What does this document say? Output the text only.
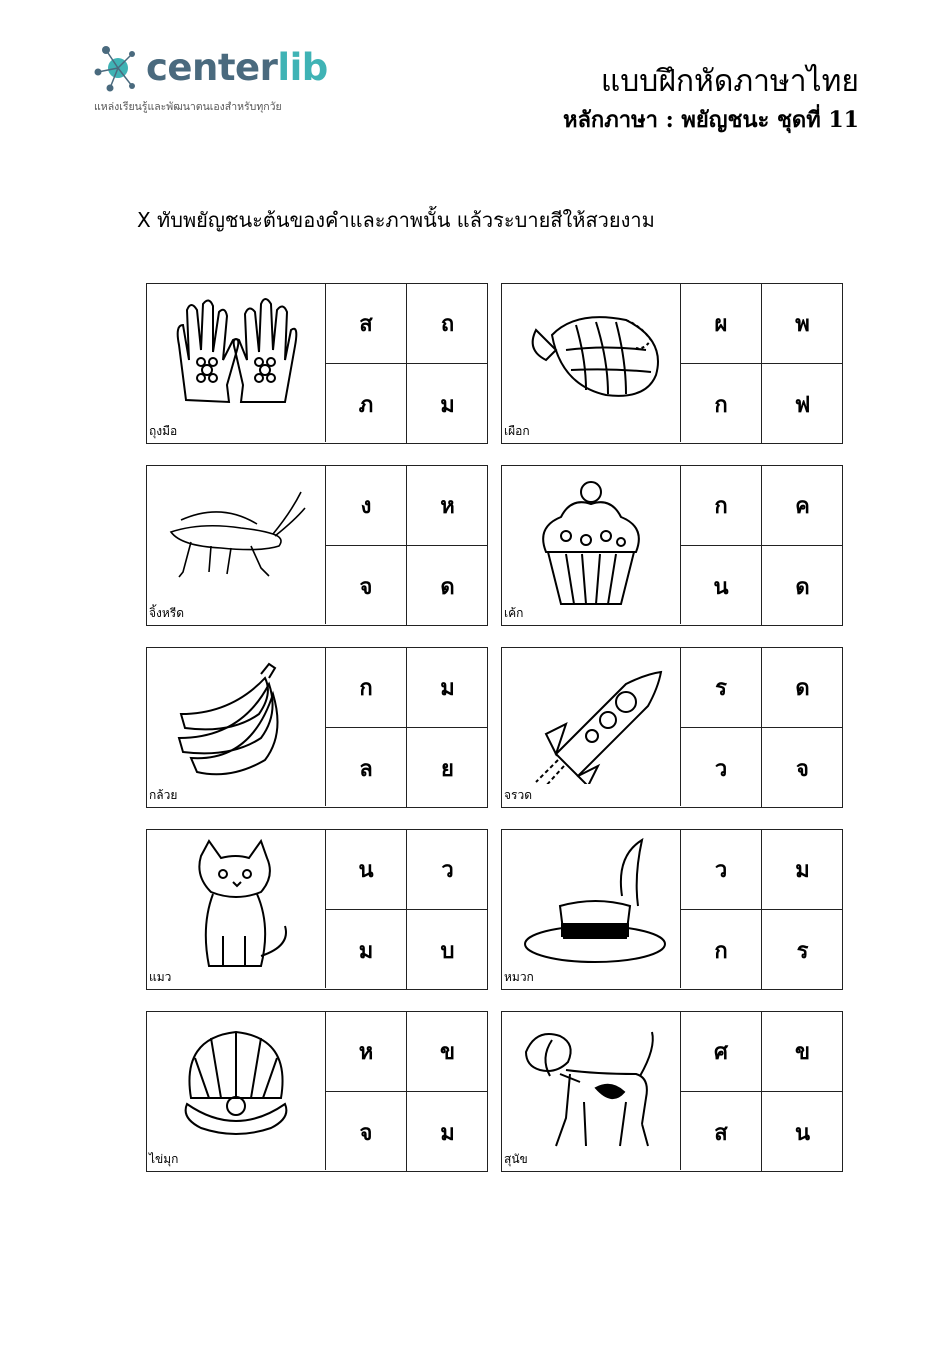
centerlib
แหล่งเรียนรู้และพัฒนาตนเองสำหรับทุกวัย
แบบฝึกหัดภาษาไทย
หลักภาษา : พยัญชนะ ชุดที่ 11
X ทับพยัญชนะต้นของคำและภาพนั้น แล้วระบายสีให้สวยงาม
ถุงมือ
ส	ถ
ภ	ม
เผือก
ผ	พ
ก	ฟ
จิ้งหรีด
ง	ห
จ	ด
เค้ก
ก	ค
น	ด
กล้วย
ก	ม
ล	ย
จรวด
ร	ด
ว	จ
แมว
น	ว
ม	บ
หมวก
ว	ม
ก	ร
ไข่มุก
ห	ข
จ	ม
สุนัข
ศ	ข
ส	น
